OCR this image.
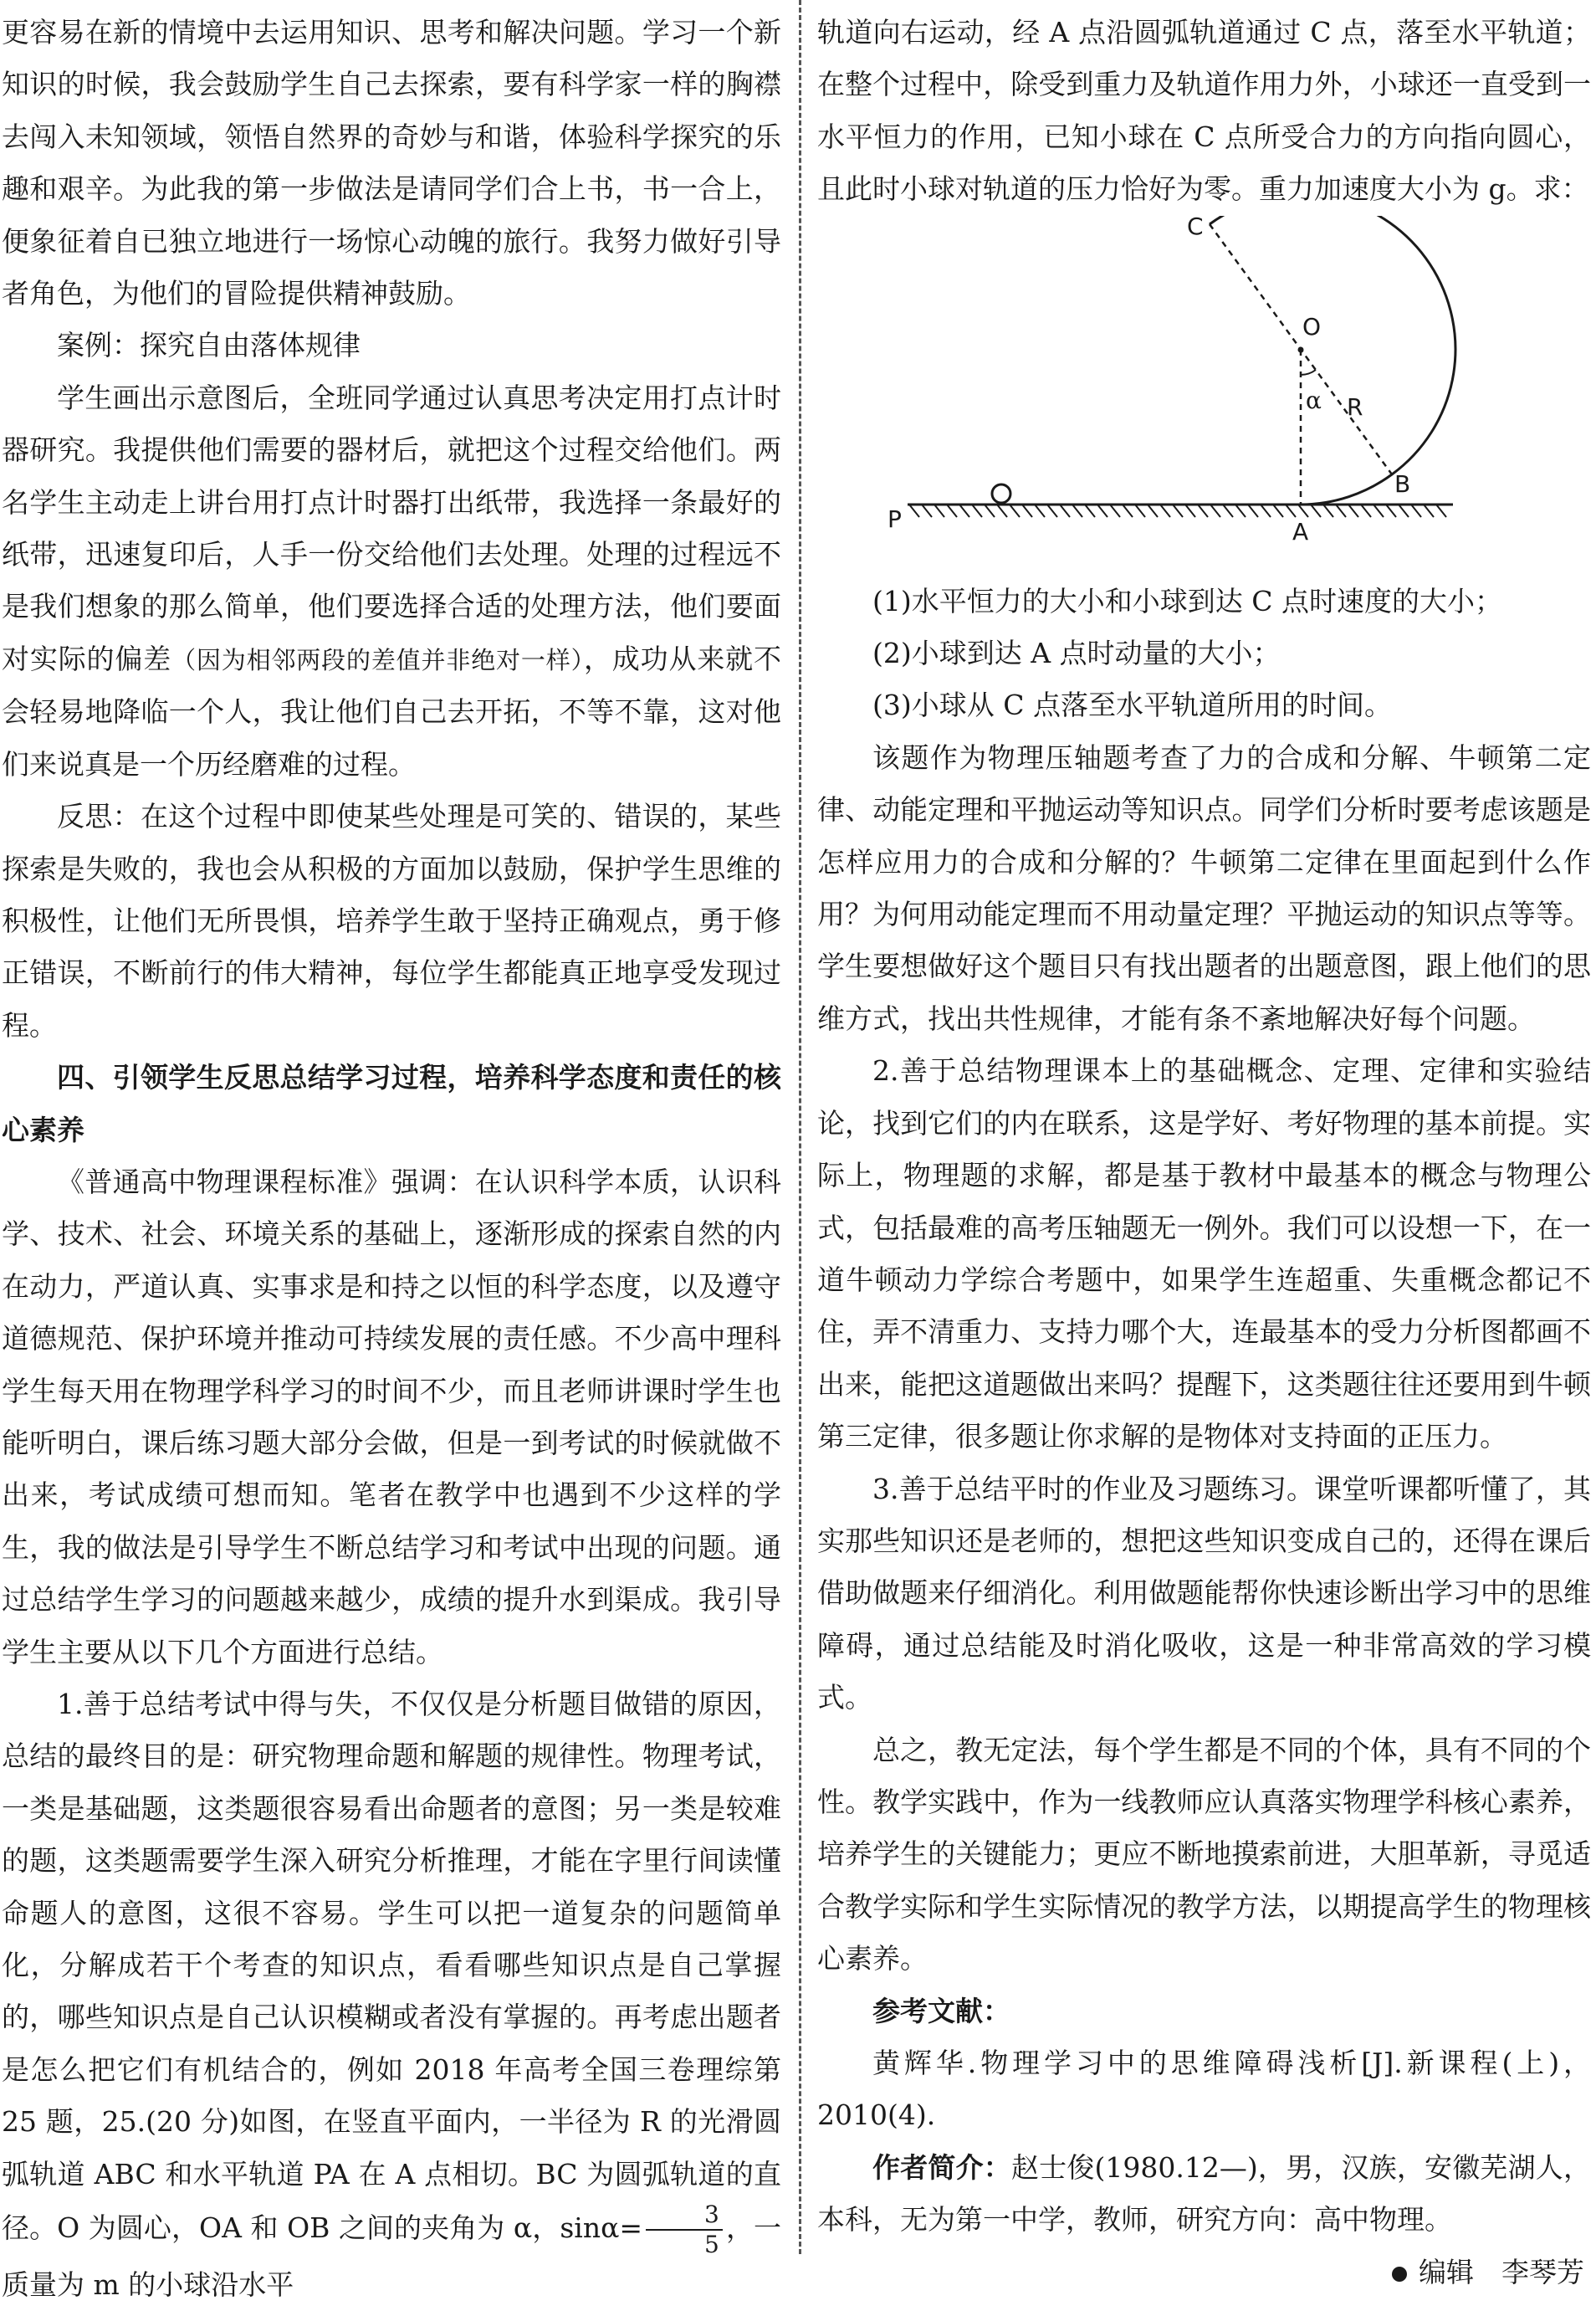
更容易在新的情境中去运用知识、思考和解决问题。学习一个新知识的时候，我会鼓励学生自己去探索，要有科学家一样的胸襟去闯入未知领域，领悟自然界的奇妙与和谐，体验科学探究的乐趣和艰辛。为此我的第一步做法是请同学们合上书，书一合上，便象征着自已独立地进行一场惊心动魄的旅行。我努力做好引导者角色，为他们的冒险提供精神鼓励。

案例：探究自由落体规律

学生画出示意图后，全班同学通过认真思考决定用打点计时器研究。我提供他们需要的器材后，就把这个过程交给他们。两名学生主动走上讲台用打点计时器打出纸带，我选择一条最好的纸带，迅速复印后，人手一份交给他们去处理。处理的过程远不是我们想象的那么简单，他们要选择合适的处理方法，他们要面对实际的偏差（因为相邻两段的差值并非绝对一样），成功从来就不会轻易地降临一个人，我让他们自己去开拓，不等不靠，这对他们来说真是一个历经磨难的过程。

反思：在这个过程中即使某些处理是可笑的、错误的，某些探索是失败的，我也会从积极的方面加以鼓励，保护学生思维的积极性，让他们无所畏惧，培养学生敢于坚持正确观点，勇于修正错误，不断前行的伟大精神，每位学生都能真正地享受发现过程。

四、引领学生反思总结学习过程，培养科学态度和责任的核心素养

《普通高中物理课程标准》强调：在认识科学本质，认识科学、技术、社会、环境关系的基础上，逐渐形成的探索自然的内在动力，严道认真、实事求是和持之以恒的科学态度，以及遵守道德规范、保护环境并推动可持续发展的责任感。不少高中理科学生每天用在物理学科学习的时间不少，而且老师讲课时学生也能听明白，课后练习题大部分会做，但是一到考试的时候就做不出来，考试成绩可想而知。笔者在教学中也遇到不少这样的学生，我的做法是引导学生不断总结学习和考试中出现的问题。通过总结学生学习的问题越来越少，成绩的提升水到渠成。我引导学生主要从以下几个方面进行总结。

1.善于总结考试中得与失，不仅仅是分析题目做错的原因，总结的最终目的是：研究物理命题和解题的规律性。物理考试，一类是基础题，这类题很容易看出命题者的意图；另一类是较难的题，这类题需要学生深入研究分析推理，才能在字里行间读懂命题人的意图，这很不容易。学生可以把一道复杂的问题简单化，分解成若干个考查的知识点，看看哪些知识点是自己掌握的，哪些知识点是自己认识模糊或者没有掌握的。再考虑出题者是怎么把它们有机结合的，例如 2018 年高考全国三卷理综第 25 题，25.(20 分)如图，在竖直平面内，一半径为 R 的光滑圆弧轨道 ABC 和水平轨道 PA 在 A 点相切。BC 为圆弧轨道的直径。O 为圆心，OA 和 OB 之间的夹角为 α，$\sin\alpha= \frac{3}{5}$ ，一质量为 m 的小球沿水平

轨道向右运动，经 A 点沿圆弧轨道通过 C 点，落至水平轨道；在整个过程中，除受到重力及轨道作用力外，小球还一直受到一水平恒力的作用，已知小球在 C 点所受合力的方向指向圆心，且此时小球对轨道的压力恰好为零。重力加速度大小为 g。求：

C
O
α R
B
A
P

(1)水平恒力的大小和小球到达 C 点时速度的大小；

(2)小球到达 A 点时动量的大小；

(3)小球从 C 点落至水平轨道所用的时间。

该题作为物理压轴题考查了力的合成和分解、牛顿第二定律、动能定理和平抛运动等知识点。同学们分析时要考虑该题是怎样应用力的合成和分解的？牛顿第二定律在里面起到什么作用？为何用动能定理而不用动量定理？平抛运动的知识点等等。学生要想做好这个题目只有找出题者的出题意图，跟上他们的思维方式，找出共性规律，才能有条不紊地解决好每个问题。

2.善于总结物理课本上的基础概念、定理、定律和实验结论，找到它们的内在联系，这是学好、考好物理的基本前提。实际上，物理题的求解，都是基于教材中最基本的概念与物理公式，包括最难的高考压轴题无一例外。我们可以设想一下，在一道牛顿动力学综合考题中，如果学生连超重、失重概念都记不住，弄不清重力、支持力哪个大，连最基本的受力分析图都画不出来，能把这道题做出来吗？提醒下，这类题往往还要用到牛顿第三定律，很多题让你求解的是物体对支持面的正压力。

3.善于总结平时的作业及习题练习。课堂听课都听懂了，其实那些知识还是老师的，想把这些知识变成自己的，还得在课后借助做题来仔细消化。利用做题能帮你快速诊断出学习中的思维障碍，通过总结能及时消化吸收，这是一种非常高效的学习模式。

总之，教无定法，每个学生都是不同的个体，具有不同的个性。教学实践中，作为一线教师应认真落实物理学科核心素养，培养学生的关键能力；更应不断地摸索前进，大胆革新，寻觅适合教学实际和学生实际情况的教学方法，以期提高学生的物理核心素养。

参考文献：

黄辉华.物理学习中的思维障碍浅析[J].新课程(上)，2010(4).

作者简介：赵士俊(1980.12—)，男，汉族，安徽芜湖人，本科，无为第一中学，教师，研究方向：高中物理。

编辑　李琴芳
